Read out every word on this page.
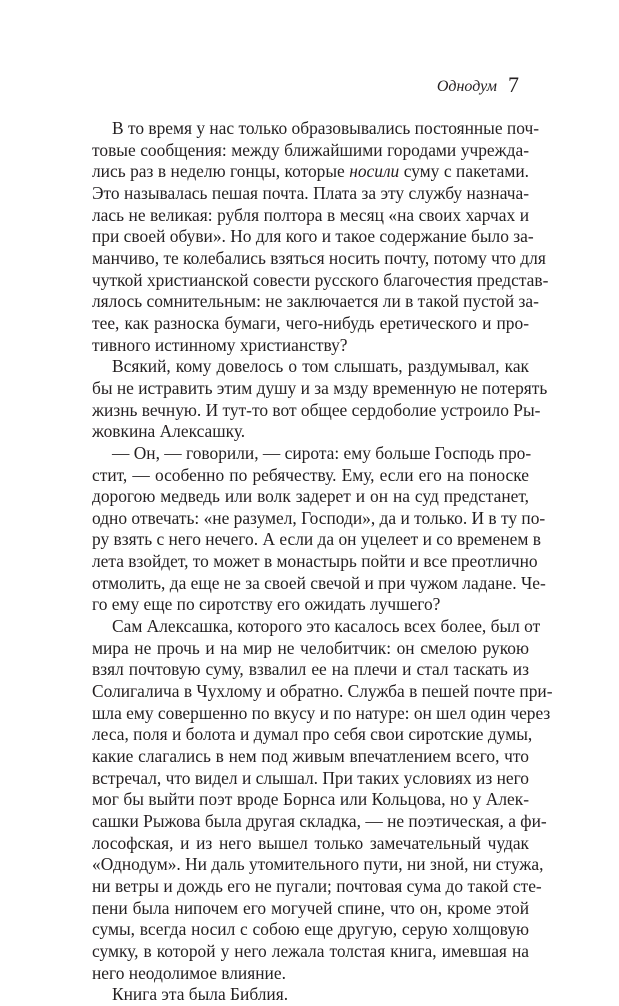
Однодум 7
В то время у нас только образовывались постоянные поч-
товые сообщения: между ближайшими городами учрежда-
лись раз в неделю гонцы, которые носили суму с пакетами.
Это называлась пешая почта. Плата за эту службу назнача-
лась не великая: рубля полтора в месяц «на своих харчах и
при своей обуви». Но для кого и такое содержание было за-
манчиво, те колебались взяться носить почту, потому что для
чуткой христианской совести русского благочестия представ-
лялось сомнительным: не заключается ли в такой пустой за-
тее, как разноска бумаги, чего-нибудь еретического и про-
тивного истинному христианству?
Всякий, кому довелось о том слышать, раздумывал, как
бы не истравить этим душу и за мзду временную не потерять
жизнь вечную. И тут-то вот общее сердоболие устроило Ры-
жовкина Алексашку.
— Он, — говорили, — сирота: ему больше Господь про-
стит, — особенно по ребячеству. Ему, если его на поноске
дорогою медведь или волк задерет и он на суд предстанет,
одно отвечать: «не разумел, Господи», да и только. И в ту по-
ру взять с него нечего. А если да он уцелеет и со временем в
лета взойдет, то может в монастырь пойти и все преотлично
отмолить, да еще не за своей свечой и при чужом ладане. Че-
го ему еще по сиротству его ожидать лучшего?
Сам Алексашка, которого это касалось всех более, был от
мира не прочь и на мир не челобитчик: он смелою рукою
взял почтовую суму, взвалил ее на плечи и стал таскать из
Солигалича в Чухлому и обратно. Служба в пешей почте при-
шла ему совершенно по вкусу и по натуре: он шел один через
леса, поля и болота и думал про себя свои сиротские думы,
какие слагались в нем под живым впечатлением всего, что
встречал, что видел и слышал. При таких условиях из него
мог бы выйти поэт вроде Борнса или Кольцова, но у Алек-
сашки Рыжова была другая складка, — не поэтическая, а фи-
лософская, и из него вышел только замечательный чудак
«Однодум». Ни даль утомительного пути, ни зной, ни стужа,
ни ветры и дождь его не пугали; почтовая сума до такой сте-
пени была нипочем его могучей спине, что он, кроме этой
сумы, всегда носил с собою еще другую, серую холщовую
сумку, в которой у него лежала толстая книга, имевшая на
него неодолимое влияние.
Книга эта была Библия.
